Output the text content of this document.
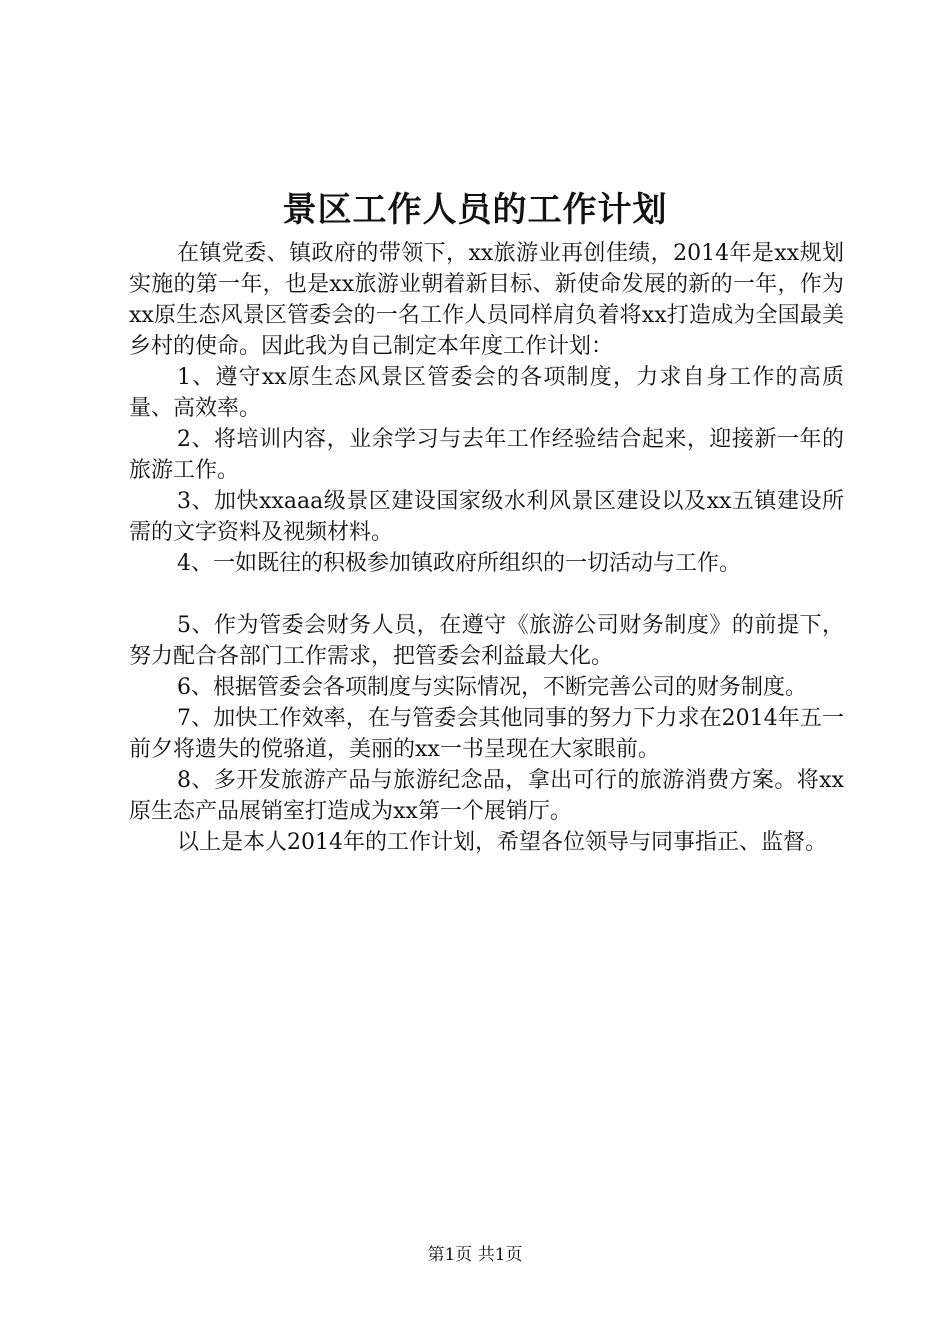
景区工作人员的工作计划

在镇党委、镇政府的带领下，xx旅游业再创佳绩，2014年是xx规划实施的第一年，也是xx旅游业朝着新目标、新使命发展的新的一年，作为xx原生态风景区管委会的一名工作人员同样肩负着将xx打造成为全国最美乡村的使命。因此我为自己制定本年度工作计划：

1、遵守xx原生态风景区管委会的各项制度，力求自身工作的高质量、高效率。

2、将培训内容，业余学习与去年工作经验结合起来，迎接新一年的旅游工作。

3、加快xxaaa级景区建设国家级水利风景区建设以及xx五镇建设所需的文字资料及视频材料。

4、一如既往的积极参加镇政府所组织的一切活动与工作。

5、作为管委会财务人员，在遵守《旅游公司财务制度》的前提下，努力配合各部门工作需求，把管委会利益最大化。

6、根据管委会各项制度与实际情况，不断完善公司的财务制度。

7、加快工作效率，在与管委会其他同事的努力下力求在2014年五一前夕将遗失的傥骆道，美丽的xx一书呈现在大家眼前。

8、多开发旅游产品与旅游纪念品，拿出可行的旅游消费方案。将xx原生态产品展销室打造成为xx第一个展销厅。

以上是本人2014年的工作计划，希望各位领导与同事指正、监督。

第1页 共1页
